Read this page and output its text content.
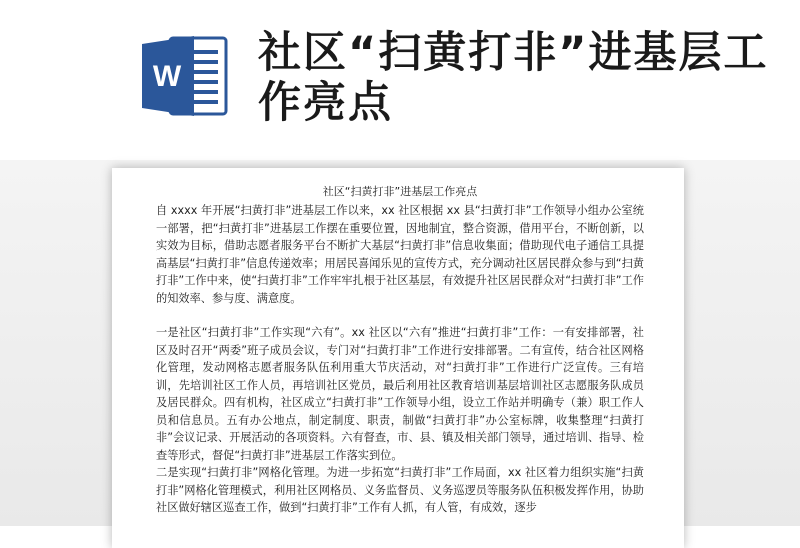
W 社区“扫黄打非”进基层工作亮点
社区“扫黄打非”进基层工作亮点

自 xxxx 年开展“扫黄打非”进基层工作以来，xx 社区根据 xx 县“扫黄打非”工作领导小组办公室统一部署，把“扫黄打非”进基层工作摆在重要位置，因地制宜，整合资源，借用平台，不断创新，以实效为目标，借助志愿者服务平台不断扩大基层“扫黄打非”信息收集面；借助现代电子通信工具提高基层“扫黄打非”信息传递效率；用居民喜闻乐见的宣传方式，充分调动社区居民群众参与到“扫黄打非”工作中来，使“扫黄打非”工作牢牢扎根于社区基层，有效提升社区居民群众对“扫黄打非”工作的知效率、参与度、满意度。

一是社区“扫黄打非”工作实现“六有”。xx 社区以“六有”推进“扫黄打非”工作：一有安排部署，社区及时召开“两委”班子成员会议，专门对“扫黄打非”工作进行安排部署。二有宣传，结合社区网格化管理，发动网格志愿者服务队伍利用重大节庆活动，对“扫黄打非”工作进行广泛宣传。三有培训，先培训社区工作人员，再培训社区党员，最后利用社区教育培训基层培训社区志愿服务队成员及居民群众。四有机构，社区成立“扫黄打非”工作领导小组，设立工作站并明确专（兼）职工作人员和信息员。五有办公地点，制定制度、职责，制做“扫黄打非”办公室标牌，收集整理“扫黄打非”会议记录、开展活动的各项资料。六有督查，市、县、镇及相关部门领导，通过培训、指导、检查等形式，督促“扫黄打非”进基层工作落实到位。

二是实现“扫黄打非”网格化管理。为进一步拓宽“扫黄打非”工作局面，xx 社区着力组织实施“扫黄打非”网格化管理模式，利用社区网格员、义务监督员、义务巡逻员等服务队伍积极发挥作用，协助社区做好辖区巡查工作，做到“扫黄打非”工作有人抓，有人管，有成效，逐步
